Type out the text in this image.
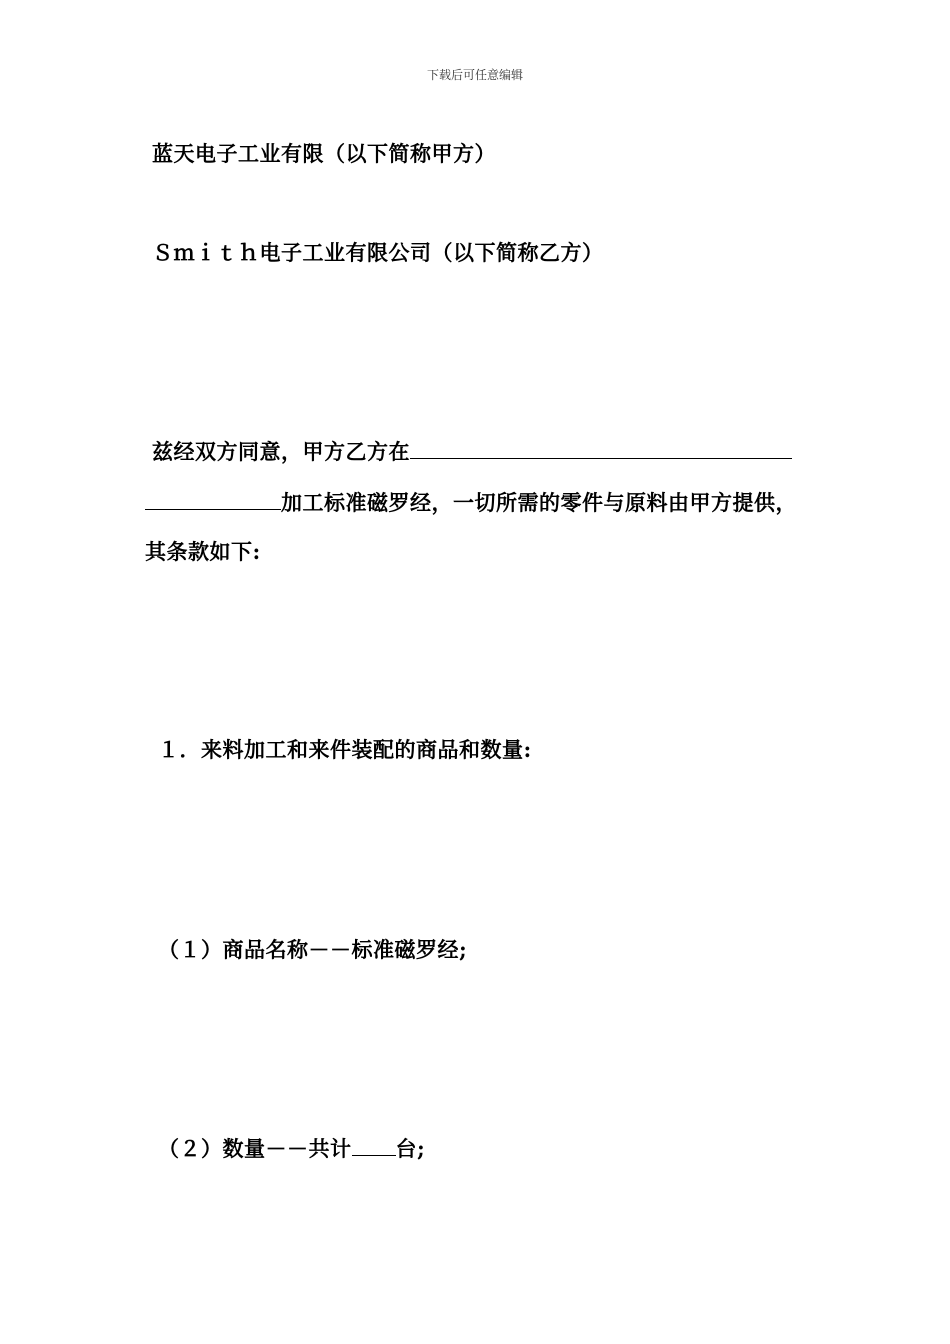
下载后可任意编辑
蓝天电子工业有限（以下简称甲方）
Ｓｍｉｔｈ电子工业有限公司（以下简称乙方）
兹经双方同意，甲方乙方在
加工标准磁罗经，一切所需的零件与原料由甲方提供，
其条款如下:
１．来料加工和来件装配的商品和数量:
（１）商品名称－－标准磁罗经;
（２）数量－－共计 台;
